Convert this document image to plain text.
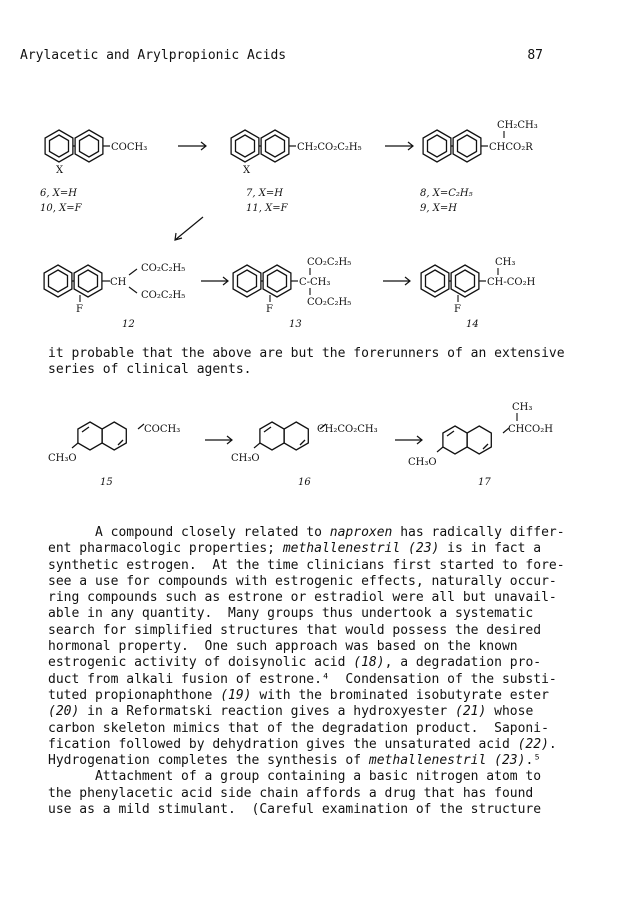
Arylacetic and Arylpropionic Acids	87
COCH₃
X
6, X=H
10, X=F
CH₂CO₂C₂H₅
X
7, X=H
11, X=F
CH₂CH₃
CHCO₂R
8, X=C₂H₅
9, X=H
F
CO₂C₂H₅
CH
CO₂C₂H₅
12
F
CO₂C₂H₅
C-CH₃
CO₂C₂H₅
13
F
CH₃
CH-CO₂H
14
COCH₃
CH₃O
15
CH₂CO₂CH₃
CH₃O
16
CH₃
CHCO₂H
CH₃O
17
it probable that the above are but the forerunners of an extensive
series of clinical agents.
A compound closely related to naproxen has radically differ-
ent pharmacologic properties; methallenestril (23) is in fact a
synthetic estrogen.  At the time clinicians first started to fore-
see a use for compounds with estrogenic effects, naturally occur-
ring compounds such as estrone or estradiol were all but unavail-
able in any quantity.  Many groups thus undertook a systematic
search for simplified structures that would possess the desired
hormonal property.  One such approach was based on the known
estrogenic activity of doisynolic acid (18), a degradation pro-
duct from alkali fusion of estrone.⁴  Condensation of the substi-
tuted propionaphthone (19) with the brominated isobutyrate ester
(20) in a Reformatski reaction gives a hydroxyester (21) whose
carbon skeleton mimics that of the degradation product.  Saponi-
fication followed by dehydration gives the unsaturated acid (22).
Hydrogenation completes the synthesis of methallenestril (23).⁵
Attachment of a group containing a basic nitrogen atom to
the phenylacetic acid side chain affords a drug that has found
use as a mild stimulant.  (Careful examination of the structure
